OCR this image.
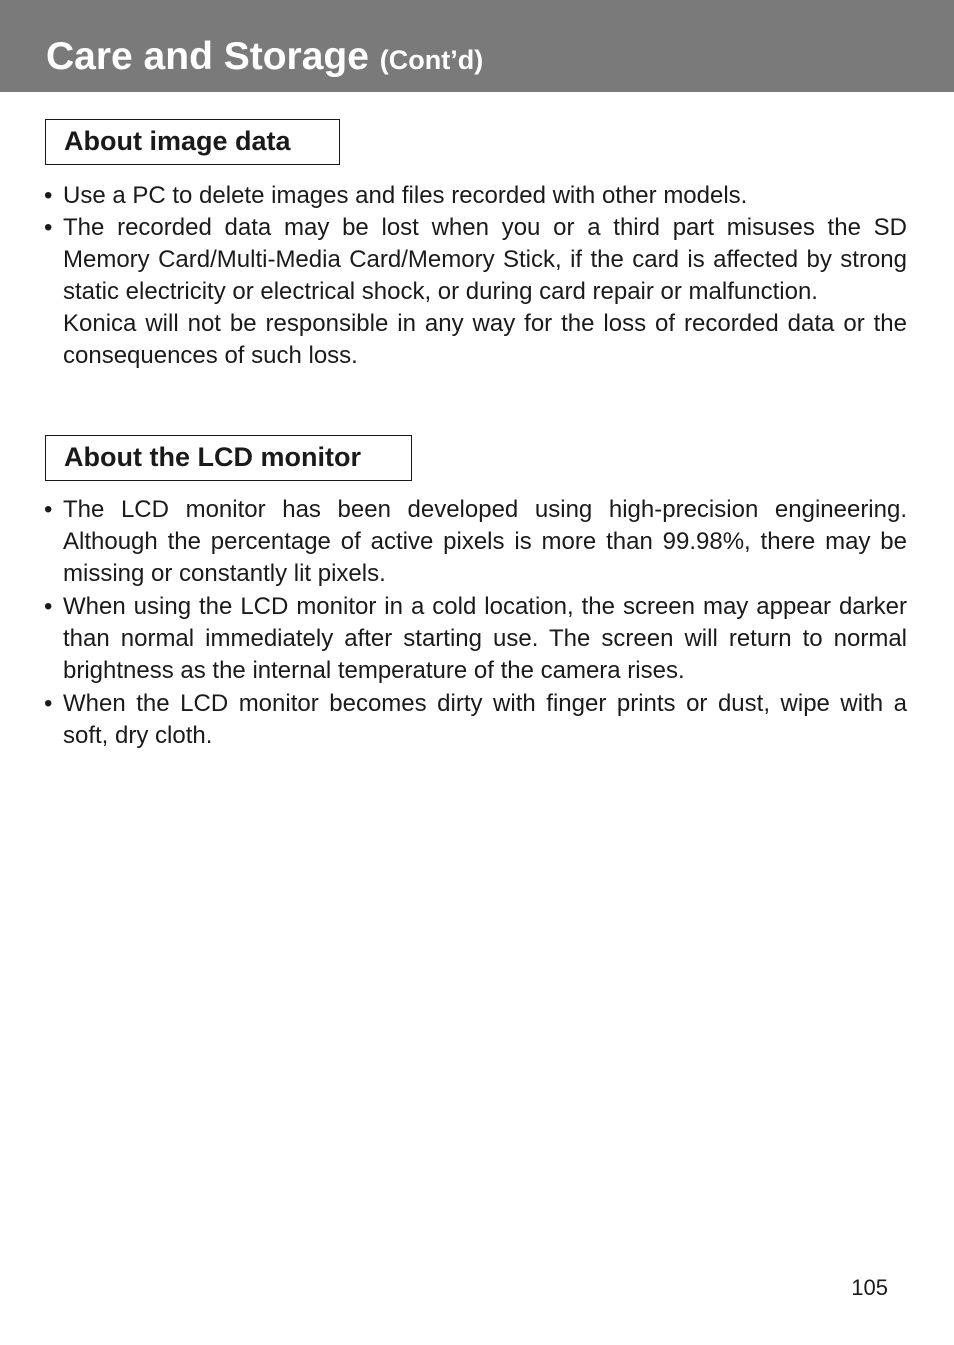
Care and Storage (Cont’d)
About image data
• Use a PC to delete images and files recorded with other models.

• The recorded data may be lost when you or a third part misuses the SD Memory Card/Multi-Media Card/Memory Stick, if the card is affected by strong static electricity or electrical shock, or during card repair or malfunction.

Konica will not be responsible in any way for the loss of recorded data or the consequences of such loss.

About the LCD monitor
• The LCD monitor has been developed using high-precision engineering. Although the percentage of active pixels is more than 99.98%, there may be missing or constantly lit pixels.

• When using the LCD monitor in a cold location, the screen may appear darker than normal immediately after starting use. The screen will return to normal brightness as the internal temperature of the camera rises.

• When the LCD monitor becomes dirty with finger prints or dust, wipe with a soft, dry cloth.

105
